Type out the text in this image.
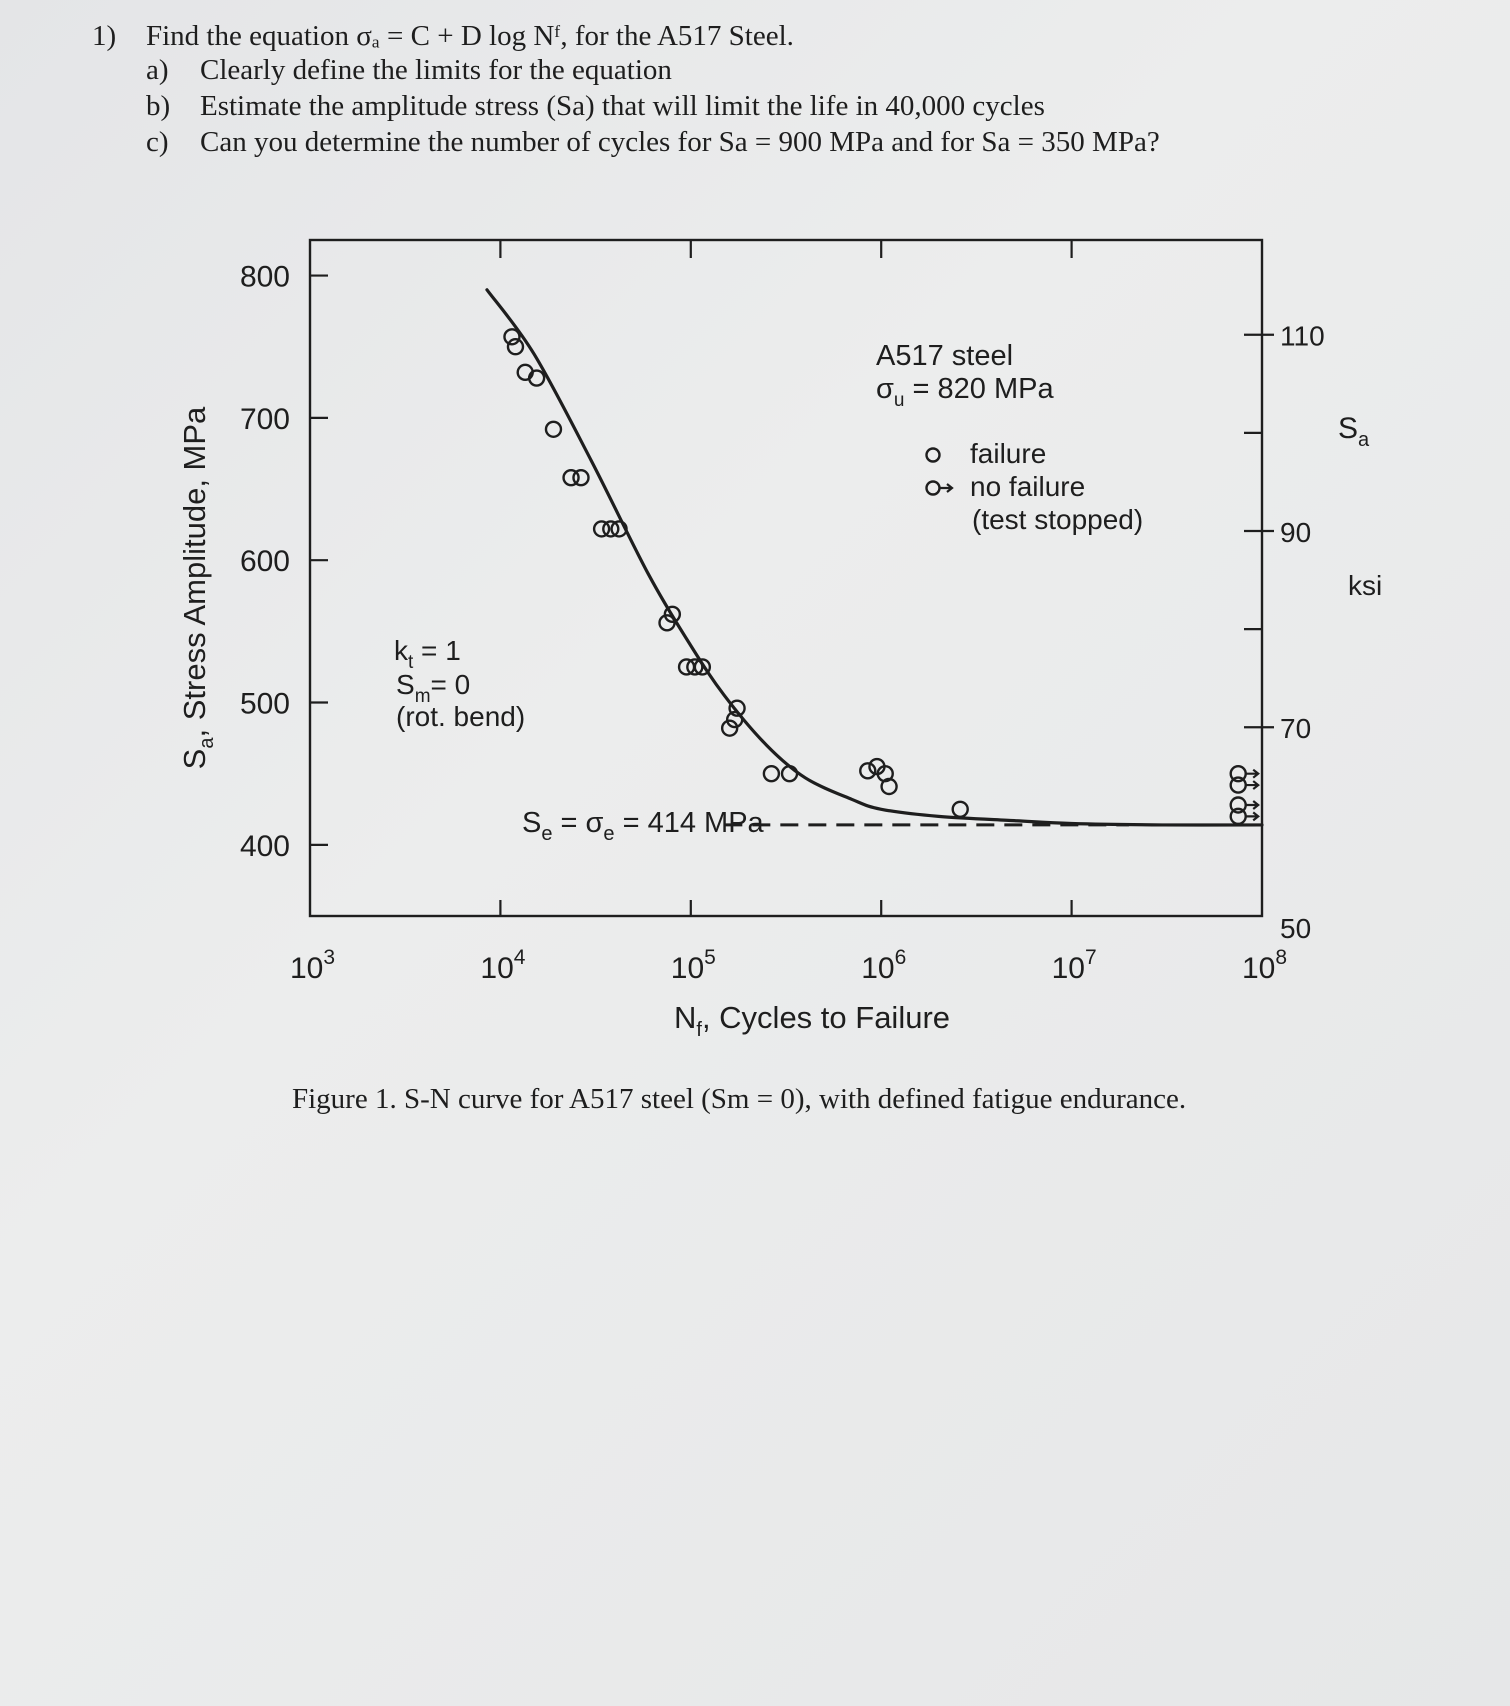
1) Find the equation σₐ = C + D log Nᶠ, for the A517 Steel.
a) Clearly define the limits for the equation
b) Estimate the amplitude stress (Sa) that will limit the life in 40,000 cycles
c) Can you determine the number of cycles for Sa = 900 MPa and for Sa = 350 MPa?
400
500
600
700
800
$10^3$	$10^4$	$10^5$	$10^6$	$10^7$	$10^8$
50
70
90
110
$S_a$, Stress Amplitude, MPa
$N_f$, Cycles to Failure
$S_a$
ksi
A517 steel
$\sigma_u = 820$ MPa
$k_t = 1$
$S_m= 0$
(rot. bend)
$S_e = \sigma_e = 414$ MPa
failure
no failure
(test stopped)
Figure 1. S-N curve for A517 steel (Sm = 0), with defined fatigue endurance.
